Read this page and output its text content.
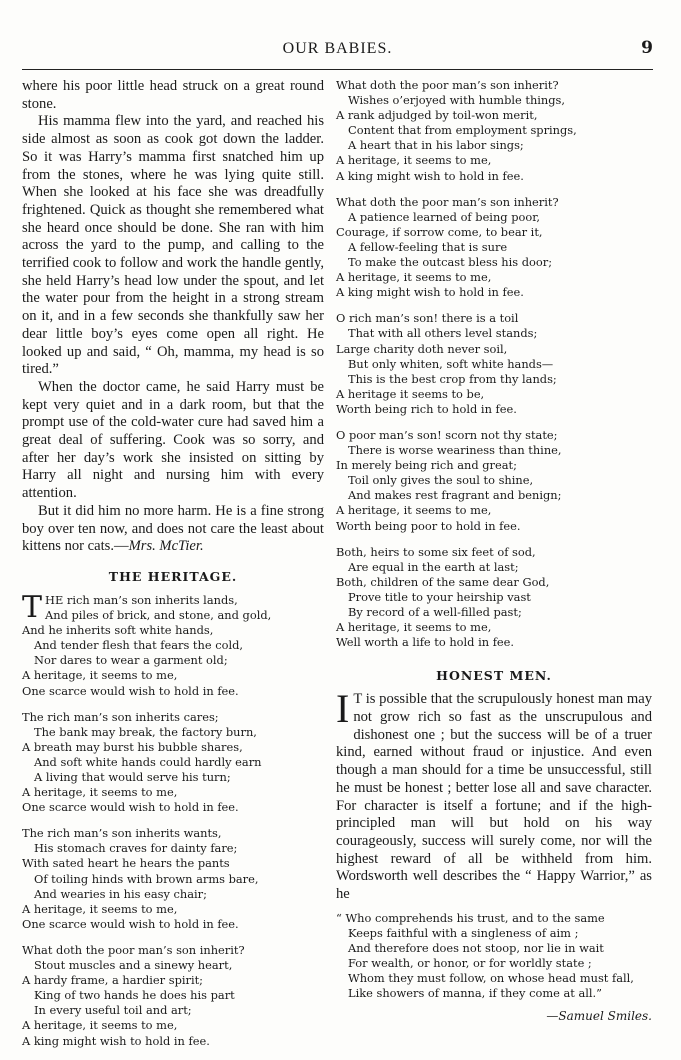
OUR BABIES.	9

where his poor little head struck on a great round stone.

His mamma flew into the yard, and reached his side almost as soon as cook got down the ladder. So it was Harry’s mamma first snatched him up from the stones, where he was lying quite still. When she looked at his face she was dreadfully frightened. Quick as thought she remembered what she heard once should be done. She ran with him across the yard to the pump, and calling to the terrified cook to follow and work the handle gently, she held Harry’s head low under the spout, and let the water pour from the height in a strong stream on it, and in a few seconds she thankfully saw her dear little boy’s eyes come open all right. He looked up and said, “ Oh, mamma, my head is so tired.”

When the doctor came, he said Harry must be kept very quiet and in a dark room, but that the prompt use of the cold-water cure had saved him a great deal of suffering. Cook was so sorry, and after her day’s work she insisted on sitting by Harry all night and nursing him with every attention.

But it did him no more harm. He is a fine strong boy over ten now, and does not care the least about kittens nor cats.—Mrs. McTier.

THE HERITAGE.
T HE rich man’s son inherits lands,
And piles of brick, and stone, and gold,
And he inherits soft white hands,
And tender flesh that fears the cold,
Nor dares to wear a garment old;
A heritage, it seems to me,
One scarce would wish to hold in fee.
The rich man’s son inherits cares;
The bank may break, the factory burn,
A breath may burst his bubble shares,
And soft white hands could hardly earn
A living that would serve his turn;
A heritage, it seems to me,
One scarce would wish to hold in fee.
The rich man’s son inherits wants,
His stomach craves for dainty fare;
With sated heart he hears the pants
Of toiling hinds with brown arms bare,
And wearies in his easy chair;
A heritage, it seems to me,
One scarce would wish to hold in fee.
What doth the poor man’s son inherit?
Stout muscles and a sinewy heart,
A hardy frame, a hardier spirit;
King of two hands he does his part
In every useful toil and art;
A heritage, it seems to me,
A king might wish to hold in fee.
What doth the poor man’s son inherit?
Wishes o’erjoyed with humble things,
A rank adjudged by toil-won merit,
Content that from employment springs,
A heart that in his labor sings;
A heritage, it seems to me,
A king might wish to hold in fee.
What doth the poor man’s son inherit?
A patience learned of being poor,
Courage, if sorrow come, to bear it,
A fellow-feeling that is sure
To make the outcast bless his door;
A heritage, it seems to me,
A king might wish to hold in fee.
O rich man’s son! there is a toil
That with all others level stands;
Large charity doth never soil,
But only whiten, soft white hands—
This is the best crop from thy lands;
A heritage it seems to be,
Worth being rich to hold in fee.
O poor man’s son! scorn not thy state;
There is worse weariness than thine,
In merely being rich and great;
Toil only gives the soul to shine,
And makes rest fragrant and benign;
A heritage, it seems to me,
Worth being poor to hold in fee.
Both, heirs to some six feet of sod,
Are equal in the earth at last;
Both, children of the same dear God,
Prove title to your heirship vast
By record of a well-filled past;
A heritage, it seems to me,
Well worth a life to hold in fee.
HONEST MEN.

I T is possible that the scrupulously honest man may not grow rich so fast as the unscrupulous and dishonest one ; but the success will be of a truer kind, earned without fraud or injustice. And even though a man should for a time be unsuccessful, still he must be honest ; better lose all and save character. For character is itself a fortune; and if the high-principled man will but hold on his way courageously, success will surely come, nor will the highest reward of all be withheld from him. Wordsworth well describes the “ Happy Warrior,” as he

“ Who comprehends his trust, and to the same
Keeps faithful with a singleness of aim ;
And therefore does not stoop, nor lie in wait
For wealth, or honor, or for worldly state ;
Whom they must follow, on whose head must fall,
Like showers of manna, if they come at all.”
—Samuel Smiles.
